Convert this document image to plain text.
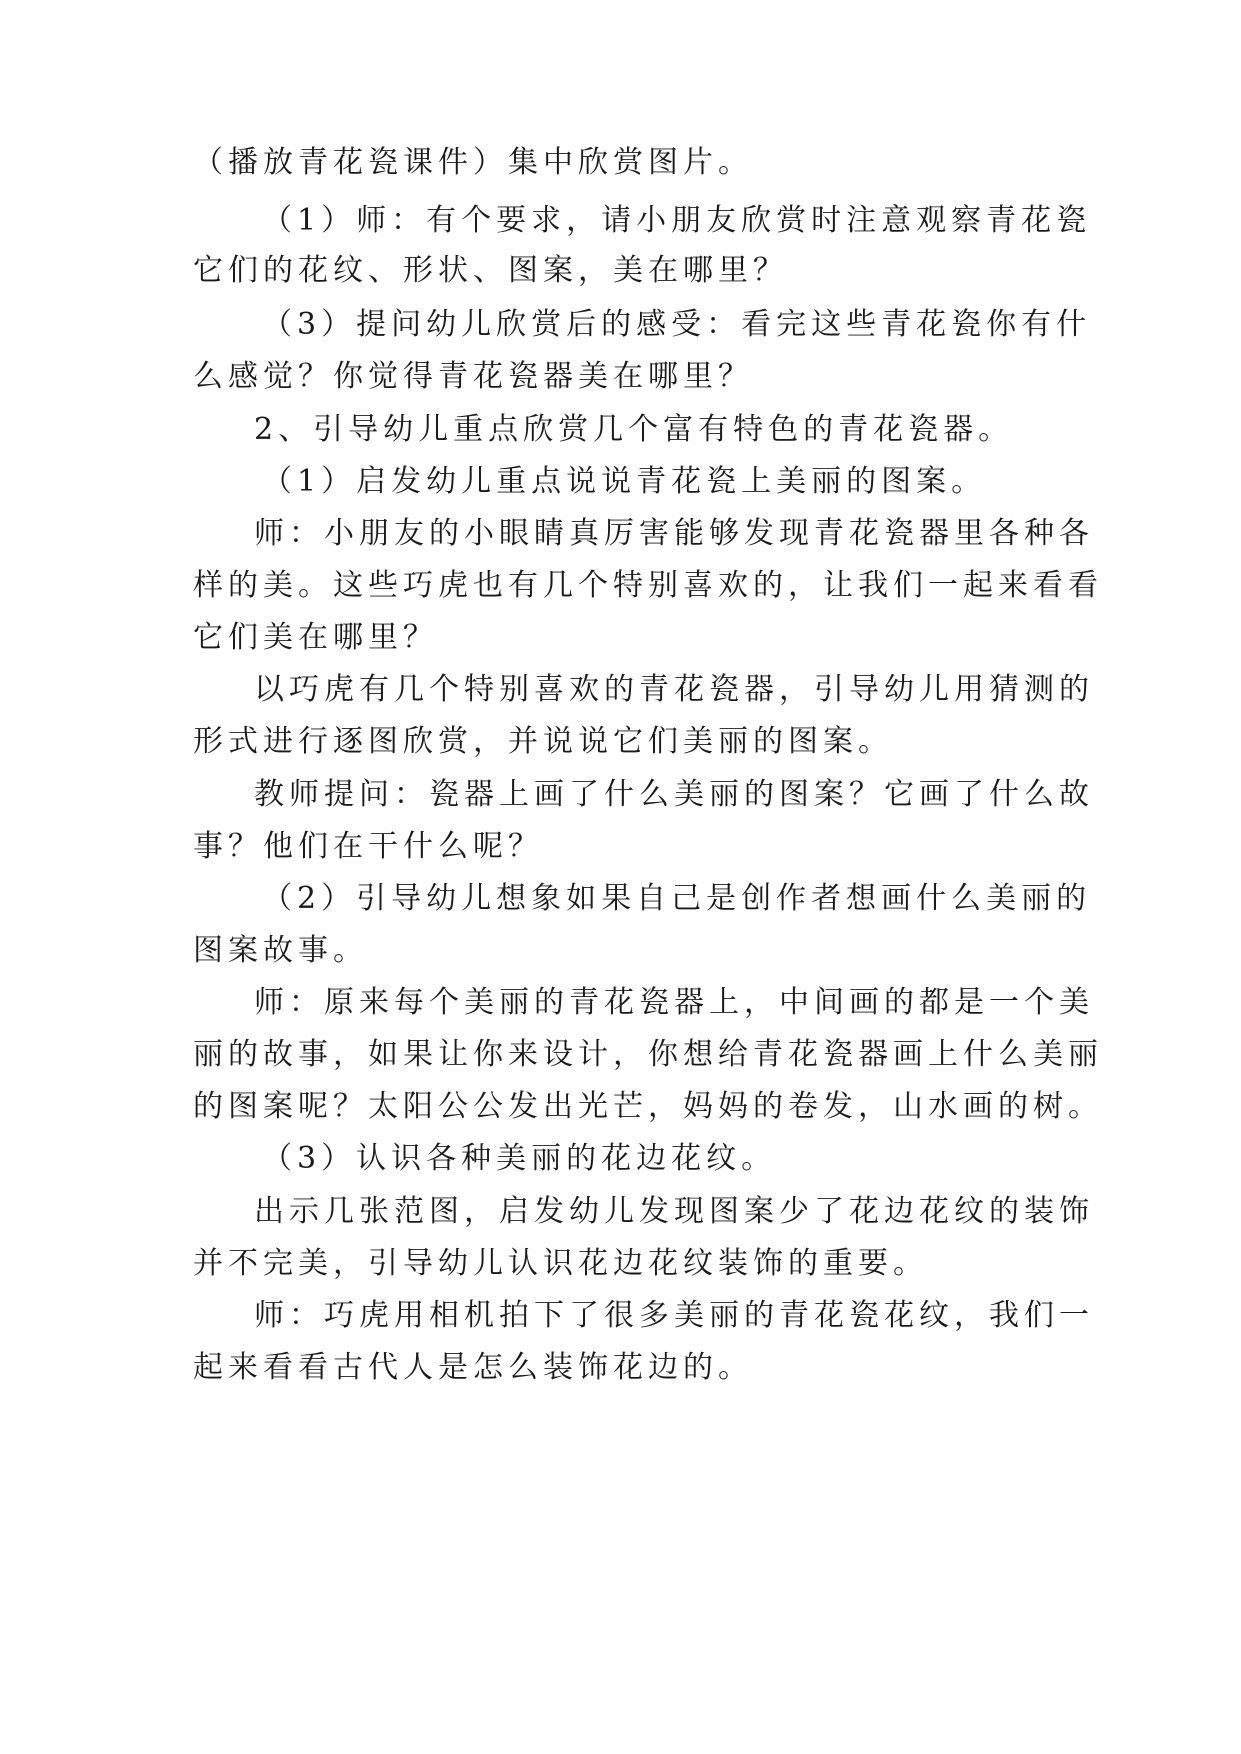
（播放青花瓷课件）集中欣赏图片。

（1）师：有个要求，请小朋友欣赏时注意观察青花瓷

它们的花纹、形状、图案，美在哪里？

（3）提问幼儿欣赏后的感受：看完这些青花瓷你有什

么感觉？你觉得青花瓷器美在哪里？

2、引导幼儿重点欣赏几个富有特色的青花瓷器。

（1）启发幼儿重点说说青花瓷上美丽的图案。

师：小朋友的小眼睛真厉害能够发现青花瓷器里各种各

样的美。这些巧虎也有几个特别喜欢的，让我们一起来看看

它们美在哪里？

以巧虎有几个特别喜欢的青花瓷器，引导幼儿用猜测的

形式进行逐图欣赏，并说说它们美丽的图案。

教师提问：瓷器上画了什么美丽的图案？它画了什么故

事？他们在干什么呢？

（2）引导幼儿想象如果自己是创作者想画什么美丽的

图案故事。

师：原来每个美丽的青花瓷器上，中间画的都是一个美

丽的故事，如果让你来设计，你想给青花瓷器画上什么美丽

的图案呢？太阳公公发出光芒，妈妈的卷发，山水画的树。

（3）认识各种美丽的花边花纹。

出示几张范图，启发幼儿发现图案少了花边花纹的装饰

并不完美，引导幼儿认识花边花纹装饰的重要。

师：巧虎用相机拍下了很多美丽的青花瓷花纹，我们一

起来看看古代人是怎么装饰花边的。
